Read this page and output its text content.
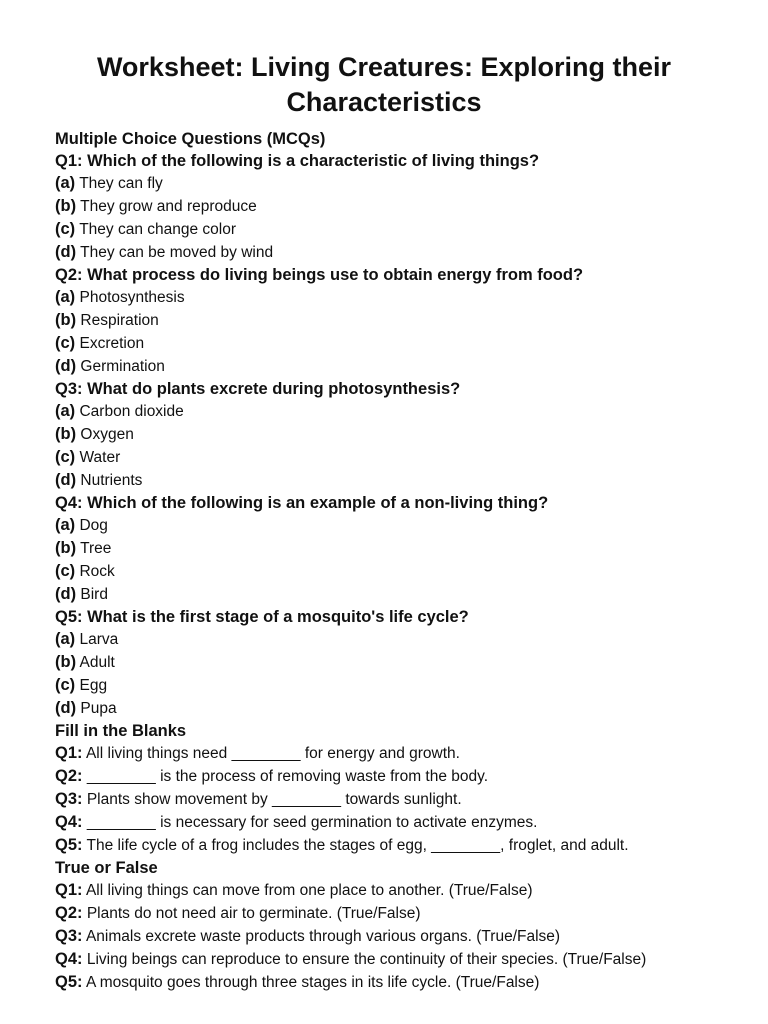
Worksheet: Living Creatures: Exploring their Characteristics
Multiple Choice Questions (MCQs)
Q1: Which of the following is a characteristic of living things?
(a) They can fly
(b) They grow and reproduce
(c) They can change color
(d) They can be moved by wind
Q2: What process do living beings use to obtain energy from food?
(a) Photosynthesis
(b) Respiration
(c) Excretion
(d) Germination
Q3: What do plants excrete during photosynthesis?
(a) Carbon dioxide
(b) Oxygen
(c) Water
(d) Nutrients
Q4: Which of the following is an example of a non-living thing?
(a) Dog
(b) Tree
(c) Rock
(d) Bird
Q5: What is the first stage of a mosquito's life cycle?
(a) Larva
(b) Adult
(c) Egg
(d) Pupa
Fill in the Blanks
Q1: All living things need ________ for energy and growth.
Q2: ________ is the process of removing waste from the body.
Q3: Plants show movement by ________ towards sunlight.
Q4: ________ is necessary for seed germination to activate enzymes.
Q5: The life cycle of a frog includes the stages of egg, ________, froglet, and adult.
True or False
Q1: All living things can move from one place to another. (True/False)
Q2: Plants do not need air to germinate. (True/False)
Q3: Animals excrete waste products through various organs. (True/False)
Q4: Living beings can reproduce to ensure the continuity of their species. (True/False)
Q5: A mosquito goes through three stages in its life cycle. (True/False)
